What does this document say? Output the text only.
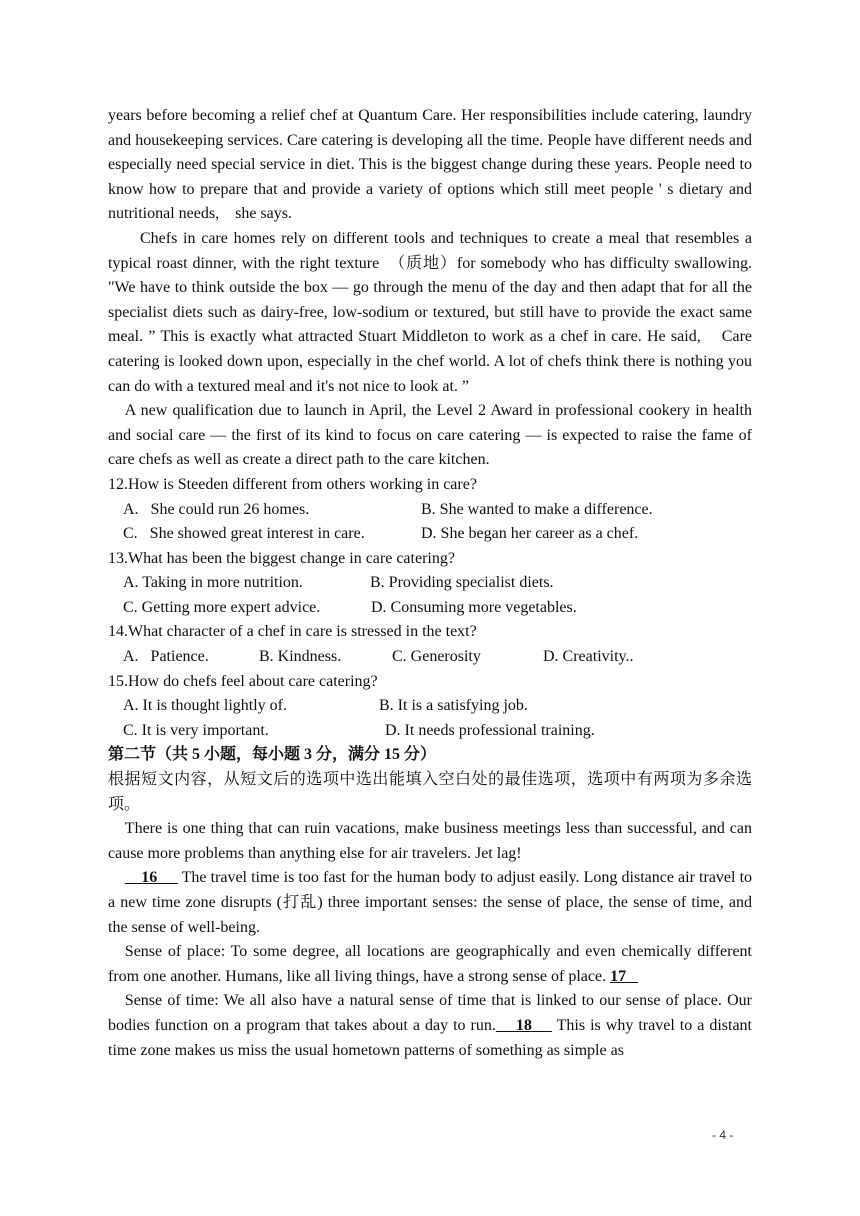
years before becoming a relief chef at Quantum Care. Her responsibilities include catering, laundry and housekeeping services. Care catering is developing all the time. People have different needs and especially need special service in diet. This is the biggest change during these years. People need to know how to prepare that and provide a variety of options which still meet people ' s dietary and nutritional needs,    she says.

Chefs in care homes rely on different tools and techniques to create a meal that resembles a typical roast dinner, with the right texture  （质地）for somebody who has difficulty swallowing. "We have to think outside the box — go through the menu of the day and then adapt that for all the specialist diets such as dairy-free, low-sodium or textured, but still have to provide the exact same meal. ” This is exactly what attracted Stuart Middleton to work as a chef in care. He said,    Care catering is looked down upon, especially in the chef world. A lot of chefs think there is nothing you can do with a textured meal and it's not nice to look at. ”

A new qualification due to launch in April, the Level 2 Award in professional cookery in health and social care — the first of its kind to focus on care catering — is expected to raise the fame of care chefs as well as create a direct path to the care kitchen.

12.How is Steeden different from others working in care?

A.   She could run 26 homes.	B. She wanted to make a difference.
C.   She showed great interest in care.	D. She began her career as a chef.

13.What has been the biggest change in care catering?

A. Taking in more nutrition.	B. Providing specialist diets.
C. Getting more expert advice.	D. Consuming more vegetables.

14.What character of a chef in care is stressed in the text?

A.   Patience.	B. Kindness.	C. Generosity	D. Creativity..

15.How do chefs feel about care catering?

A. It is thought lightly of.	B. It is a satisfying job.
C. It is very important.	D. It needs professional training.

第二节（共 5 小题，每小题 3 分，满分 15 分）

根据短文内容，从短文后的选项中选出能填入空白处的最佳选项，选项中有两项为多余选项。

There is one thing that can ruin vacations, make business meetings less than successful, and can cause more problems than anything else for air travelers. Jet lag!

16      The travel time is too fast for the human body to adjust easily. Long distance air travel to a new time zone disrupts (打乱) three important senses: the sense of place, the sense of time, and the sense of well-being.

Sense of place: To some degree, all locations are geographically and even chemically different from one another. Humans, like all living things, have a strong sense of place. 17

Sense of time: We all also have a natural sense of time that is linked to our sense of place. Our bodies function on a program that takes about a day to run. 18     This is why travel to a distant time zone makes us miss the usual hometown patterns of something as simple as

- 4 -
